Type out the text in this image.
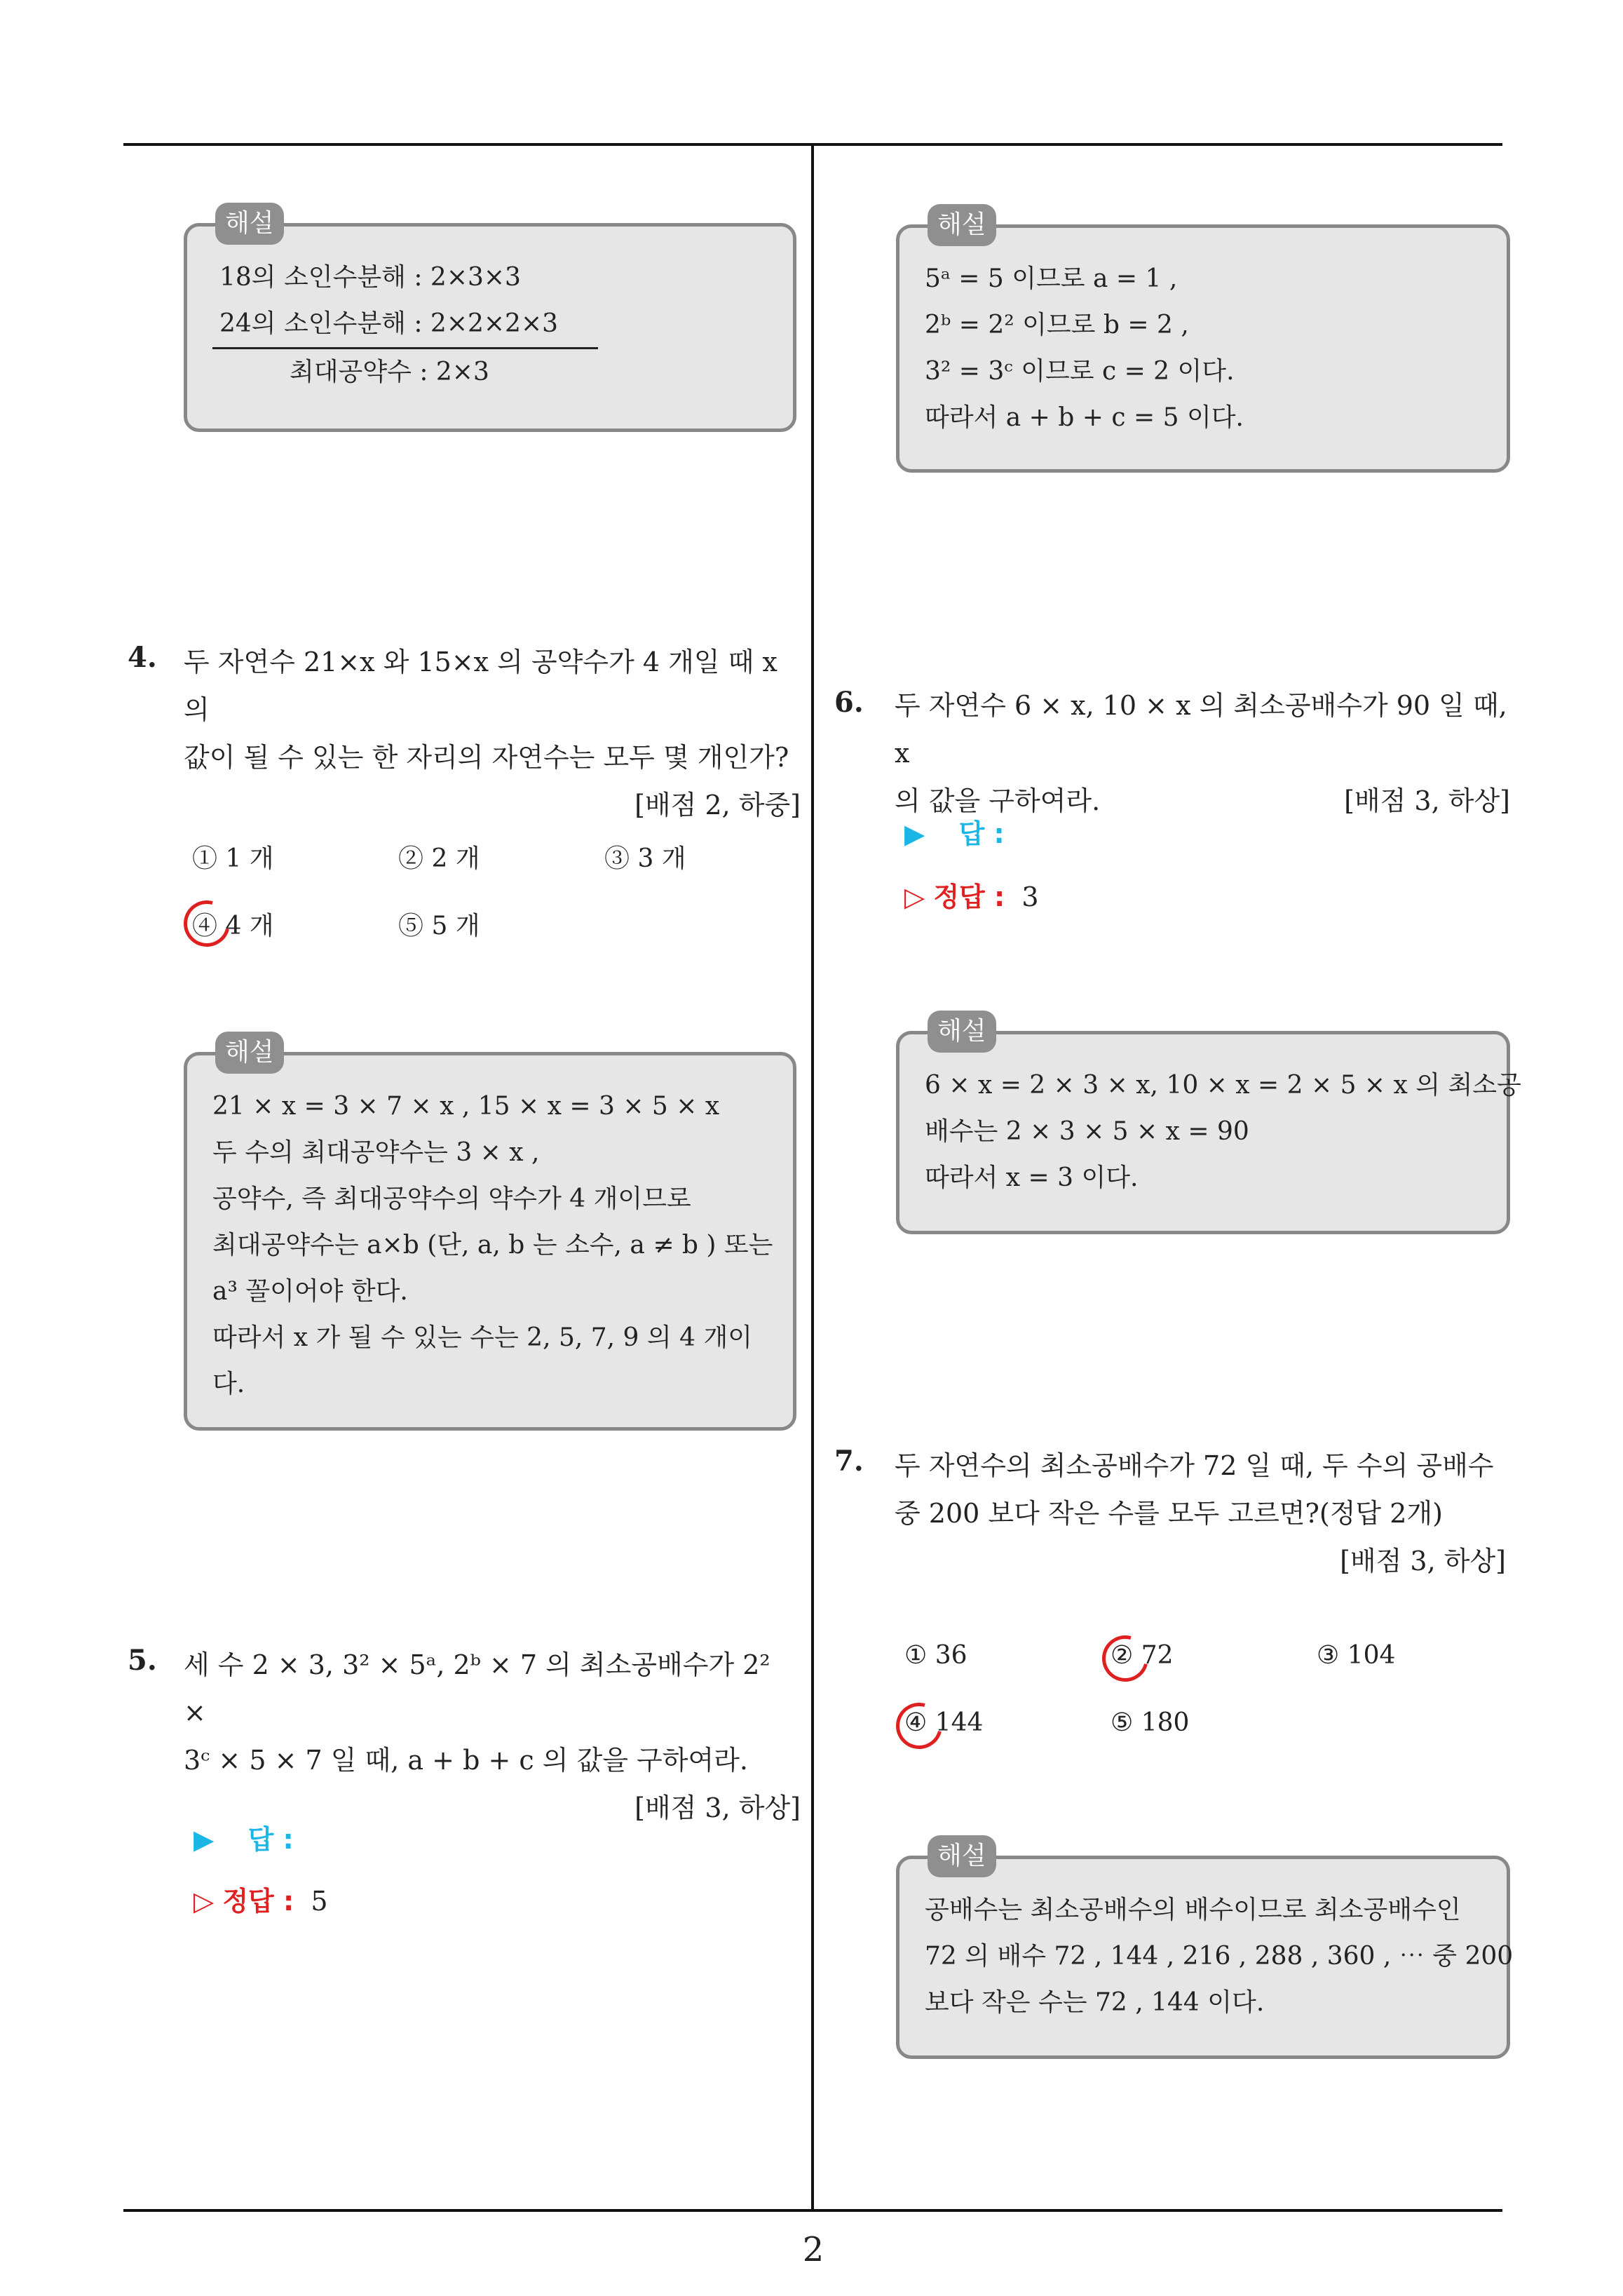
해설
18의 소인수분해 : 2×3×3
24의 소인수분해 : 2×2×2×3
최대공약수 : 2×3
해설
5ᵃ = 5 이므로 a = 1 ,
2ᵇ = 2² 이므로 b = 2 ,
3² = 3ᶜ 이므로 c = 2 이다.
따라서 a + b + c = 5 이다.
4. 두 자연수 21×x 와 15×x 의 공약수가 4 개일 때 x 의
값이 될 수 있는 한 자리의 자연수는 모두 몇 개인가?
[배점 2, 하중]
① 1 개	② 2 개	③ 3 개
④ 4 개	⑤ 5 개
해설
21 × x = 3 × 7 × x , 15 × x = 3 × 5 × x
두 수의 최대공약수는 3 × x ,
공약수, 즉 최대공약수의 약수가 4 개이므로
최대공약수는 a×b (단, a, b 는 소수, a ≠ b ) 또는
a³ 꼴이어야 한다.
따라서 x 가 될 수 있는 수는 2, 5, 7, 9 의 4 개이
다.
5. 세 수 2 × 3, 3² × 5ᵃ, 2ᵇ × 7 의 최소공배수가 2² ×
3ᶜ × 5 × 7 일 때, a + b + c 의 값을 구하여라.
[배점 3, 하상]
▶ 답 :
▷ 정답 : 5
6. 두 자연수 6 × x, 10 × x 의 최소공배수가 90 일 때, x
의 값을 구하여라.	[배점 3, 하상]
▶ 답 :
▷ 정답 : 3
해설
6 × x = 2 × 3 × x, 10 × x = 2 × 5 × x 의 최소공
배수는 2 × 3 × 5 × x = 90
따라서 x = 3 이다.
7. 두 자연수의 최소공배수가 72 일 때, 두 수의 공배수
중 200 보다 작은 수를 모두 고르면?(정답 2개)
[배점 3, 하상]
① 36	② 72	③ 104
④ 144	⑤ 180
해설
공배수는 최소공배수의 배수이므로 최소공배수인
72 의 배수 72 , 144 , 216 , 288 , 360 , ⋯ 중 200
보다 작은 수는 72 , 144 이다.
2
